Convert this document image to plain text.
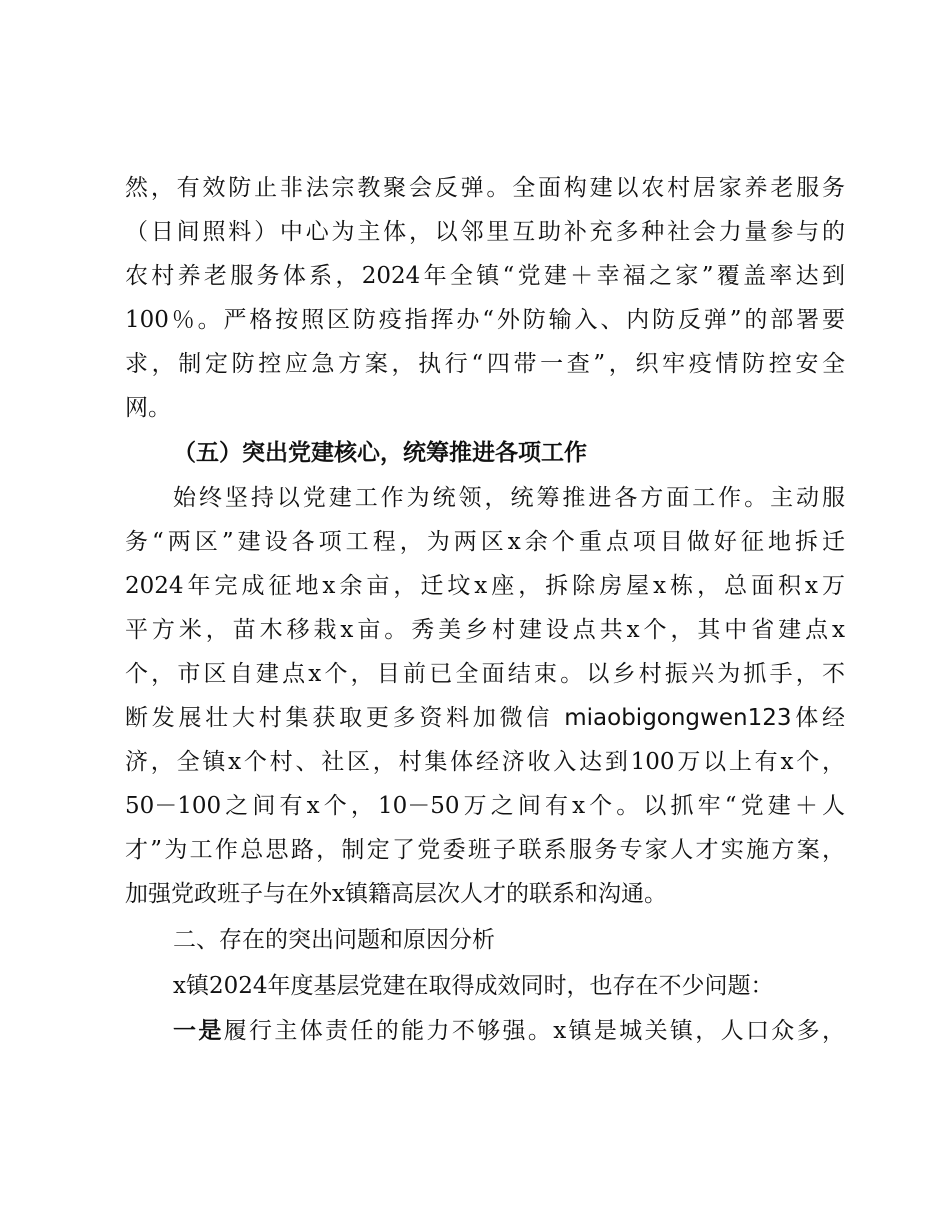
然，有效防止非法宗教聚会反弹。全面构建以农村居家养老服务
（日间照料）中心为主体，以邻里互助补充多种社会力量参与的
农村养老服务体系，2024年全镇“党建＋幸福之家”覆盖率达到
100％。严格按照区防疫指挥办“外防输入、内防反弹”的部署要
求，制定防控应急方案，执行“四带一查”，织牢疫情防控安全
网。
（五）突出党建核心，统筹推进各项工作
始终坚持以党建工作为统领，统筹推进各方面工作。主动服
务“两区”建设各项工程，为两区x余个重点项目做好征地拆迁
2024年完成征地x余亩，迁坟x座，拆除房屋x栋，总面积x万
平方米，苗木移栽x亩。秀美乡村建设点共x个，其中省建点x
个，市区自建点x个，目前已全面结束。以乡村振兴为抓手，不
断发展壮大村集获取更多资料加微信 miaobigongwen123体经
济，全镇x个村、社区，村集体经济收入达到100万以上有x个，
50－100之间有x个，10－50万之间有x个。以抓牢“党建＋人
才”为工作总思路，制定了党委班子联系服务专家人才实施方案，
加强党政班子与在外x镇籍高层次人才的联系和沟通。
二、存在的突出问题和原因分析
x镇2024年度基层党建在取得成效同时，也存在不少问题：
一是履行主体责任的能力不够强。x镇是城关镇，人口众多，
